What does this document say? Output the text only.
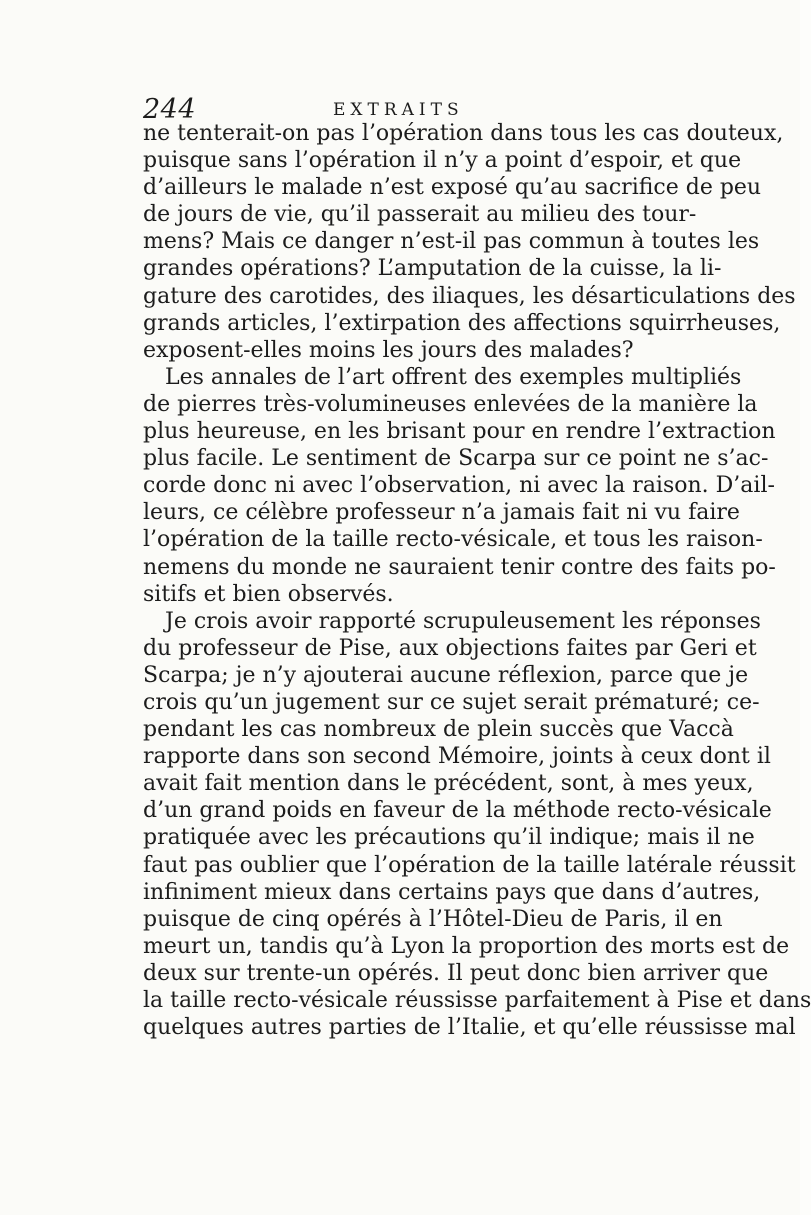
244	EXTRAITS
ne tenterait-on pas l’opération dans tous les cas douteux,
puisque sans l’opération il n’y a point d’espoir, et que
d’ailleurs le malade n’est exposé qu’au sacrifice de peu
de jours de vie, qu’il passerait au milieu des tour-
mens? Mais ce danger n’est-il pas commun à toutes les
grandes opérations? L’amputation de la cuisse, la li-
gature des carotides, des iliaques, les désarticulations des
grands articles, l’extirpation des affections squirrheuses,
exposent-elles moins les jours des malades?
Les annales de l’art offrent des exemples multipliés
de pierres très-volumineuses enlevées de la manière la
plus heureuse, en les brisant pour en rendre l’extraction
plus facile. Le sentiment de Scarpa sur ce point ne s’ac-
corde donc ni avec l’observation, ni avec la raison. D’ail-
leurs, ce célèbre professeur n’a jamais fait ni vu faire
l’opération de la taille recto-vésicale, et tous les raison-
nemens du monde ne sauraient tenir contre des faits po-
sitifs et bien observés.
Je crois avoir rapporté scrupuleusement les réponses
du professeur de Pise, aux objections faites par Geri et
Scarpa; je n’y ajouterai aucune réflexion, parce que je
crois qu’un jugement sur ce sujet serait prématuré; ce-
pendant les cas nombreux de plein succès que Vaccà
rapporte dans son second Mémoire, joints à ceux dont il
avait fait mention dans le précédent, sont, à mes yeux,
d’un grand poids en faveur de la méthode recto-vésicale
pratiquée avec les précautions qu’il indique; mais il ne
faut pas oublier que l’opération de la taille latérale réussit
infiniment mieux dans certains pays que dans d’autres,
puisque de cinq opérés à l’Hôtel-Dieu de Paris, il en
meurt un, tandis qu’à Lyon la proportion des morts est de
deux sur trente-un opérés. Il peut donc bien arriver que
la taille recto-vésicale réussisse parfaitement à Pise et dans
quelques autres parties de l’Italie, et qu’elle réussisse mal
